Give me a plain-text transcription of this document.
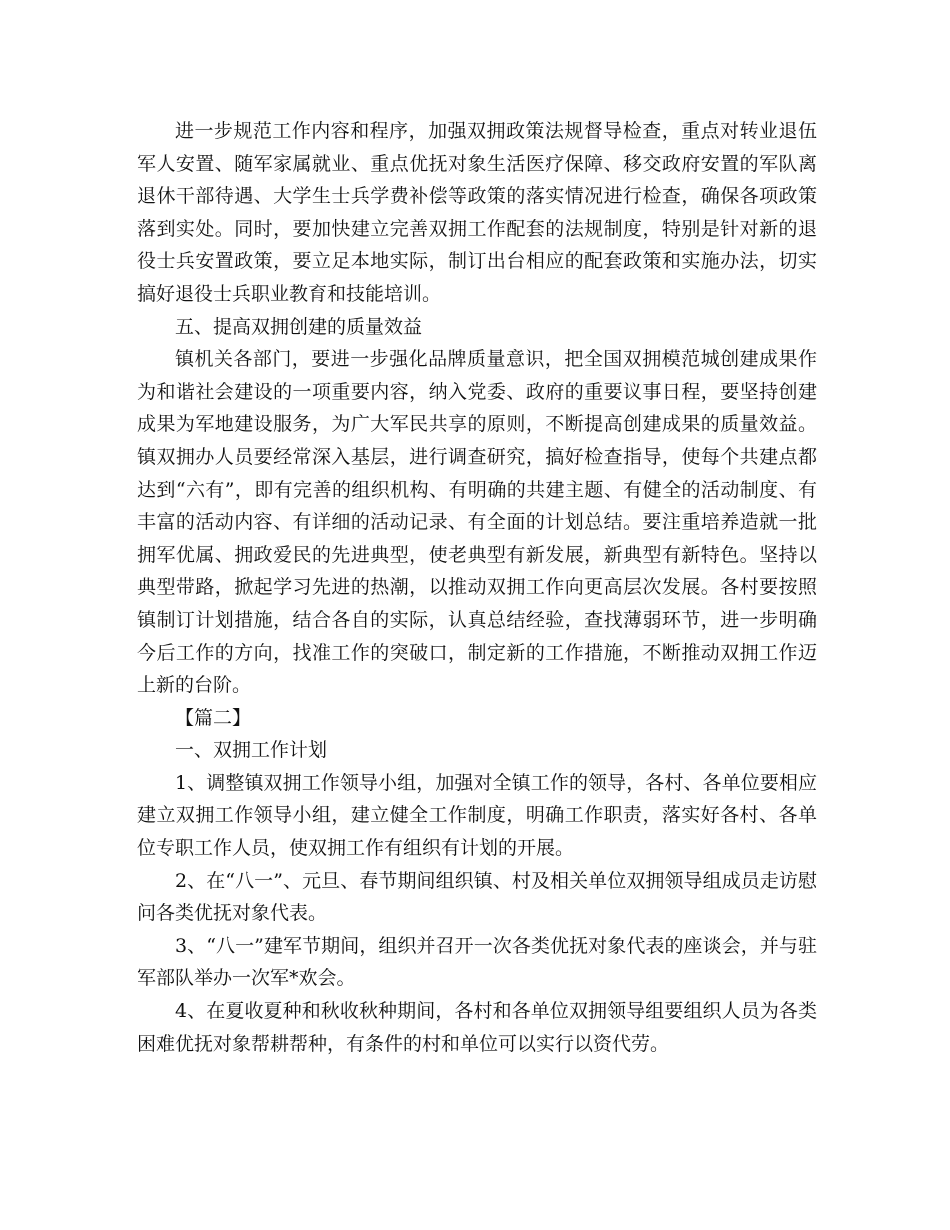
进一步规范工作内容和程序，加强双拥政策法规督导检查，重点对转业退伍军人安置、随军家属就业、重点优抚对象生活医疗保障、移交政府安置的军队离退休干部待遇、大学生士兵学费补偿等政策的落实情况进行检查，确保各项政策落到实处。同时，要加快建立完善双拥工作配套的法规制度，特别是针对新的退役士兵安置政策，要立足本地实际，制订出台相应的配套政策和实施办法，切实搞好退役士兵职业教育和技能培训。

五、提高双拥创建的质量效益

镇机关各部门，要进一步强化品牌质量意识，把全国双拥模范城创建成果作为和谐社会建设的一项重要内容，纳入党委、政府的重要议事日程，要坚持创建成果为军地建设服务，为广大军民共享的原则，不断提高创建成果的质量效益。镇双拥办人员要经常深入基层，进行调查研究，搞好检查指导，使每个共建点都达到“六有”，即有完善的组织机构、有明确的共建主题、有健全的活动制度、有丰富的活动内容、有详细的活动记录、有全面的计划总结。要注重培养造就一批拥军优属、拥政爱民的先进典型，使老典型有新发展，新典型有新特色。坚持以典型带路，掀起学习先进的热潮，以推动双拥工作向更高层次发展。各村要按照镇制订计划措施，结合各自的实际，认真总结经验，查找薄弱环节，进一步明确今后工作的方向，找准工作的突破口，制定新的工作措施，不断推动双拥工作迈上新的台阶。

【篇二】

一、双拥工作计划

1、调整镇双拥工作领导小组，加强对全镇工作的领导，各村、各单位要相应建立双拥工作领导小组，建立健全工作制度，明确工作职责，落实好各村、各单位专职工作人员，使双拥工作有组织有计划的开展。

2、在“八一”、元旦、春节期间组织镇、村及相关单位双拥领导组成员走访慰问各类优抚对象代表。

3、“八一”建军节期间，组织并召开一次各类优抚对象代表的座谈会，并与驻军部队举办一次军*欢会。

4、在夏收夏种和秋收秋种期间，各村和各单位双拥领导组要组织人员为各类困难优抚对象帮耕帮种，有条件的村和单位可以实行以资代劳。
